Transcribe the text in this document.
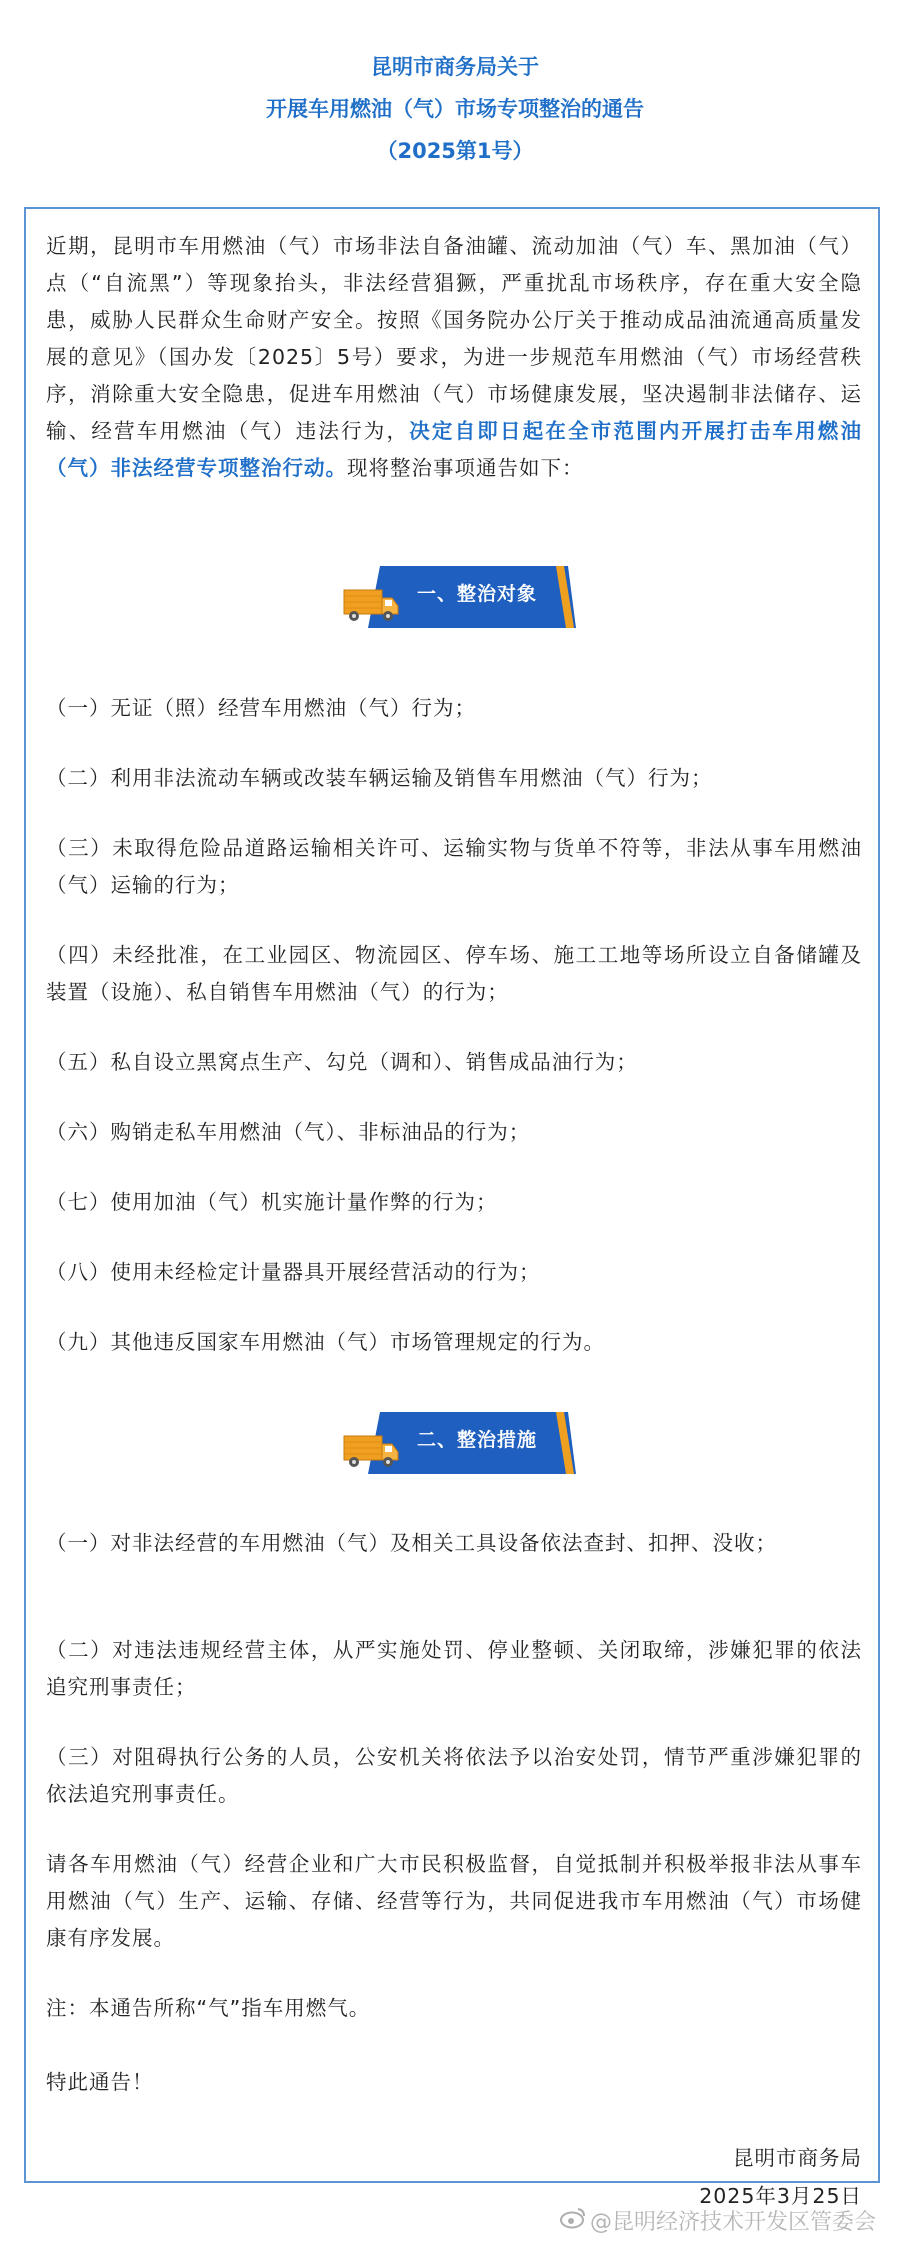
昆明市商务局关于
开展车用燃油（气）市场专项整治的通告
（2025第1号）

近期，昆明市车用燃油（气）市场非法自备油罐、流动加油（气）车、黑加油（气）点（“自流黑”）等现象抬头，非法经营猖獗，严重扰乱市场秩序，存在重大安全隐患，威胁人民群众生命财产安全。按照《国务院办公厅关于推动成品油流通高质量发展的意见》（国办发〔2025〕5号）要求，为进一步规范车用燃油（气）市场经营秩序，消除重大安全隐患，促进车用燃油（气）市场健康发展，坚决遏制非法储存、运输、经营车用燃油（气）违法行为，决定自即日起在全市范围内开展打击车用燃油（气）非法经营专项整治行动。现将整治事项通告如下：

一、整治对象

（一）无证（照）经营车用燃油（气）行为；

（二）利用非法流动车辆或改装车辆运输及销售车用燃油（气）行为；

（三）未取得危险品道路运输相关许可、运输实物与货单不符等，非法从事车用燃油（气）运输的行为；

（四）未经批准，在工业园区、物流园区、停车场、施工工地等场所设立自备储罐及装置（设施）、私自销售车用燃油（气）的行为；

（五）私自设立黑窝点生产、勾兑（调和）、销售成品油行为；

（六）购销走私车用燃油（气）、非标油品的行为；

（七）使用加油（气）机实施计量作弊的行为；

（八）使用未经检定计量器具开展经营活动的行为；

（九）其他违反国家车用燃油（气）市场管理规定的行为。

二、整治措施

（一）对非法经营的车用燃油（气）及相关工具设备依法查封、扣押、没收；

（二）对违法违规经营主体，从严实施处罚、停业整顿、关闭取缔，涉嫌犯罪的依法追究刑事责任；

（三）对阻碍执行公务的人员，公安机关将依法予以治安处罚，情节严重涉嫌犯罪的依法追究刑事责任。

请各车用燃油（气）经营企业和广大市民积极监督，自觉抵制并积极举报非法从事车用燃油（气）生产、运输、存储、经营等行为，共同促进我市车用燃油（气）市场健康有序发展。

注：本通告所称“气”指车用燃气。

特此通告！

昆明市商务局
2025年3月25日
@昆明经济技术开发区管委会
